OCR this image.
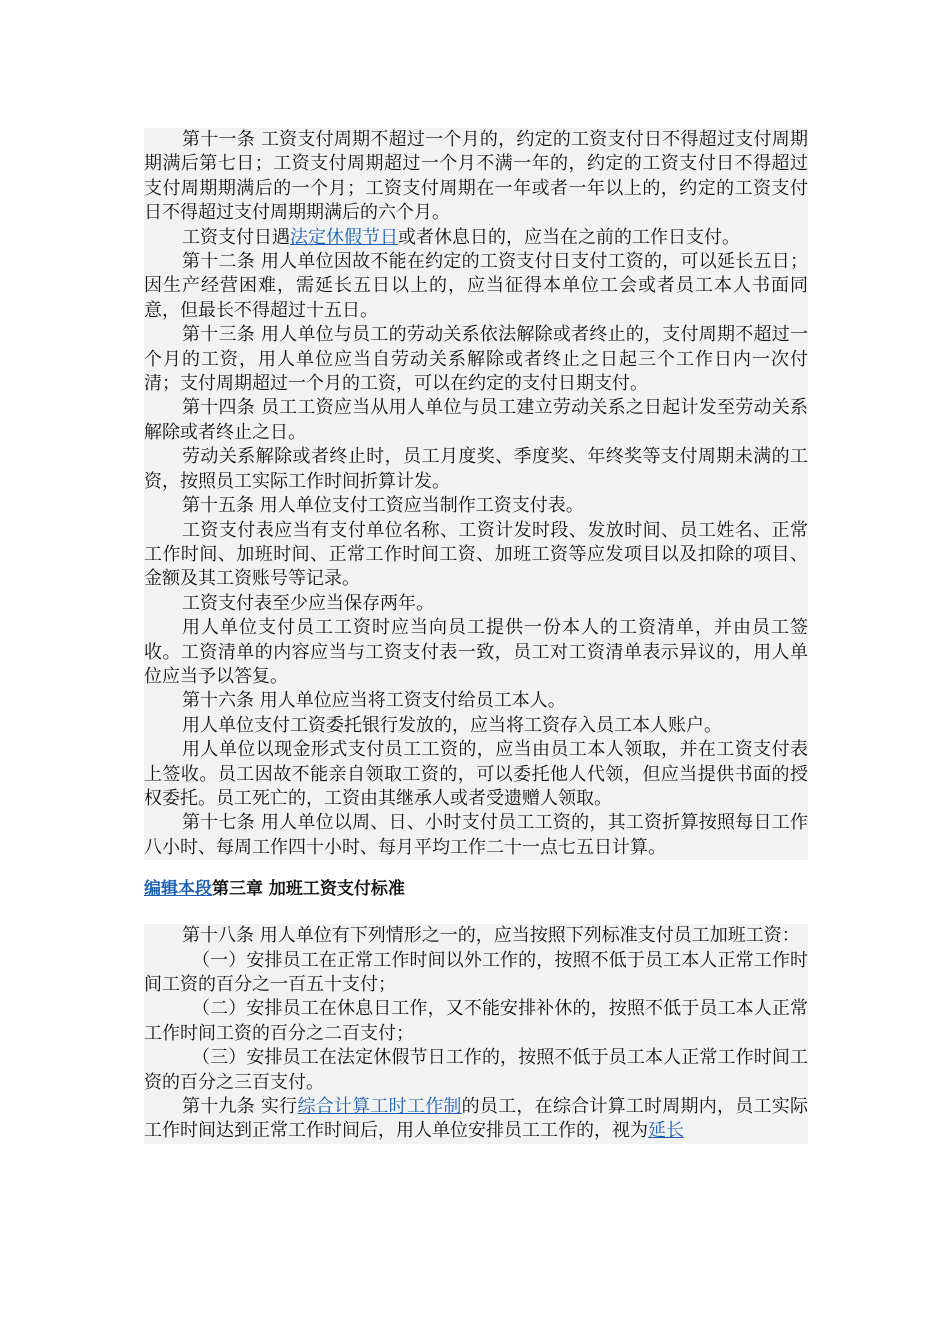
第十一条 工资支付周期不超过一个月的，约定的工资支付日不得超过支付周期期满后第七日；工资支付周期超过一个月不满一年的，约定的工资支付日不得超过支付周期期满后的一个月；工资支付周期在一年或者一年以上的，约定的工资支付日不得超过支付周期期满后的六个月。

工资支付日遇法定休假节日或者休息日的，应当在之前的工作日支付。

第十二条 用人单位因故不能在约定的工资支付日支付工资的，可以延长五日；因生产经营困难，需延长五日以上的，应当征得本单位工会或者员工本人书面同意，但最长不得超过十五日。

第十三条 用人单位与员工的劳动关系依法解除或者终止的，支付周期不超过一个月的工资，用人单位应当自劳动关系解除或者终止之日起三个工作日内一次付清；支付周期超过一个月的工资，可以在约定的支付日期支付。

第十四条 员工工资应当从用人单位与员工建立劳动关系之日起计发至劳动关系解除或者终止之日。

劳动关系解除或者终止时，员工月度奖、季度奖、年终奖等支付周期未满的工资，按照员工实际工作时间折算计发。

第十五条 用人单位支付工资应当制作工资支付表。

工资支付表应当有支付单位名称、工资计发时段、发放时间、员工姓名、正常工作时间、加班时间、正常工作时间工资、加班工资等应发项目以及扣除的项目、金额及其工资账号等记录。

工资支付表至少应当保存两年。

用人单位支付员工工资时应当向员工提供一份本人的工资清单，并由员工签收。工资清单的内容应当与工资支付表一致，员工对工资清单表示异议的，用人单位应当予以答复。

第十六条 用人单位应当将工资支付给员工本人。

用人单位支付工资委托银行发放的，应当将工资存入员工本人账户。

用人单位以现金形式支付员工工资的，应当由员工本人领取，并在工资支付表上签收。员工因故不能亲自领取工资的，可以委托他人代领，但应当提供书面的授权委托。员工死亡的，工资由其继承人或者受遗赠人领取。

第十七条 用人单位以周、日、小时支付员工工资的，其工资折算按照每日工作八小时、每周工作四十小时、每月平均工作二十一点七五日计算。

编辑本段第三章 加班工资支付标准

第十八条 用人单位有下列情形之一的，应当按照下列标准支付员工加班工资：

（一）安排员工在正常工作时间以外工作的，按照不低于员工本人正常工作时间工资的百分之一百五十支付；

（二）安排员工在休息日工作，又不能安排补休的，按照不低于员工本人正常工作时间工资的百分之二百支付；

（三）安排员工在法定休假节日工作的，按照不低于员工本人正常工作时间工资的百分之三百支付。

第十九条 实行综合计算工时工作制的员工，在综合计算工时周期内，员工实际工作时间达到正常工作时间后，用人单位安排员工工作的，视为延长
